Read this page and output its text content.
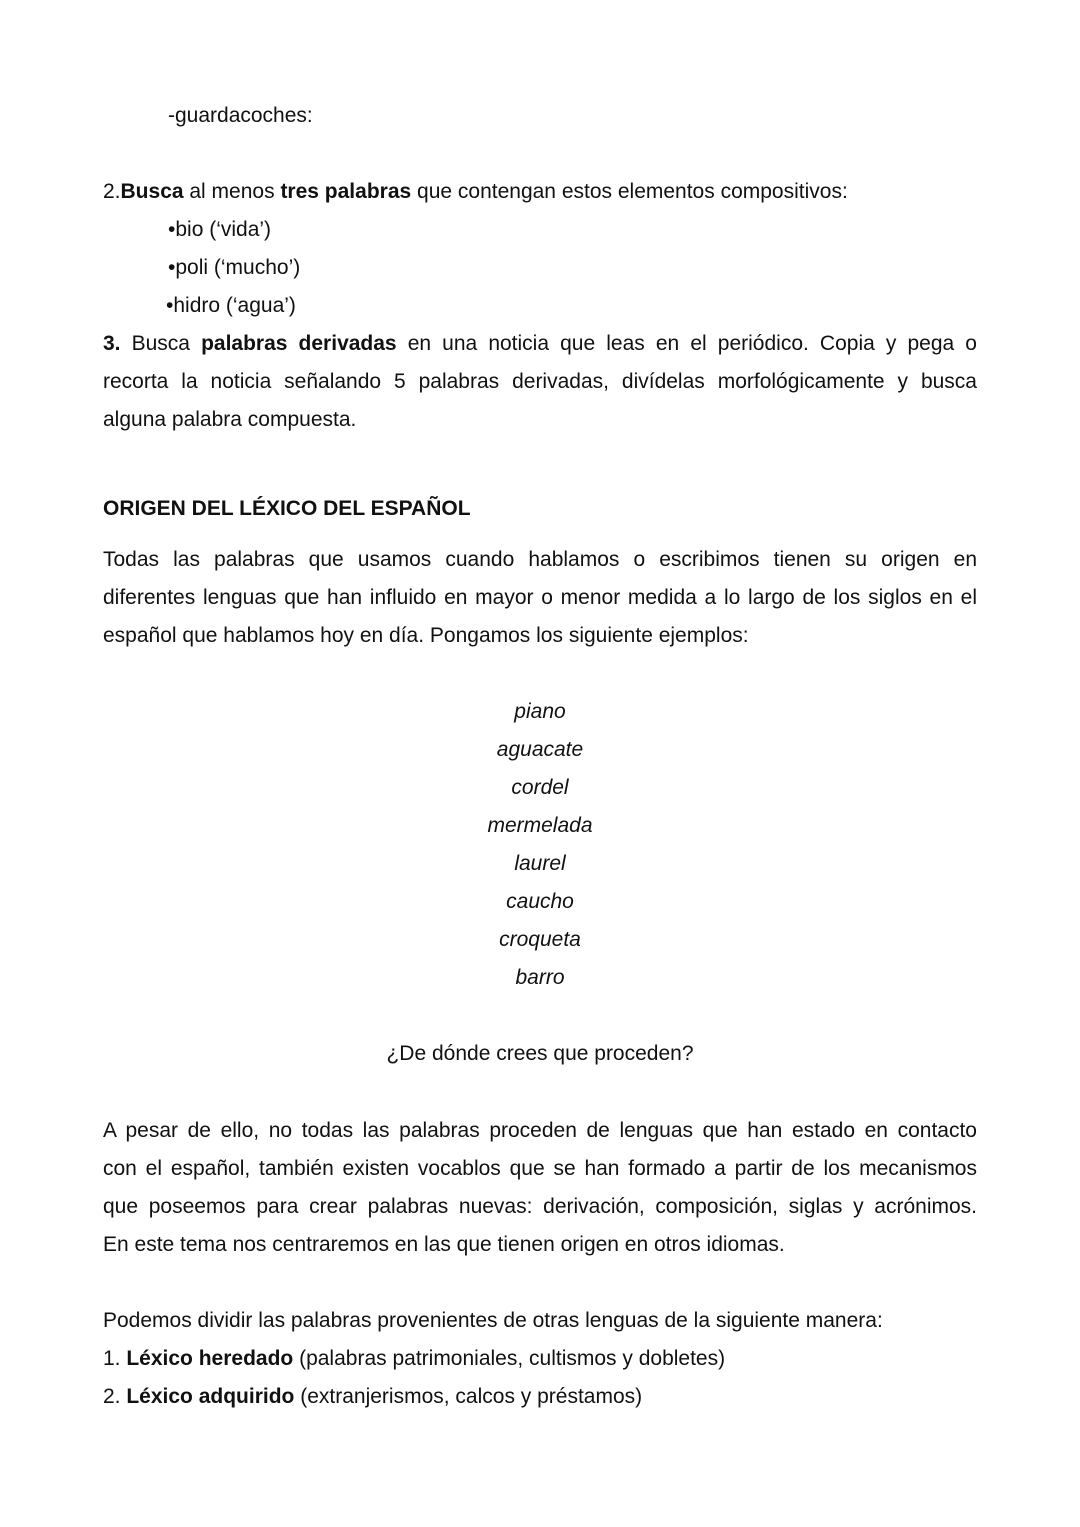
-guardacoches:
2.Busca al menos tres palabras que contengan estos elementos compositivos:
•bio (‘vida’)
•poli (‘mucho’)
•hidro (‘agua’)
3. Busca palabras derivadas en una noticia que leas en el periódico. Copia y pega o
recorta la noticia señalando 5 palabras derivadas, divídelas morfológicamente y busca
alguna palabra compuesta.
ORIGEN DEL LÉXICO DEL ESPAÑOL
Todas las palabras que usamos cuando hablamos o escribimos tienen su origen en
diferentes lenguas que han influido en mayor o menor medida a lo largo de los siglos en el
español que hablamos hoy en día. Pongamos los siguiente ejemplos:
piano
aguacate
cordel
mermelada
laurel
caucho
croqueta
barro
¿De dónde crees que proceden?
A pesar de ello, no todas las palabras proceden de lenguas que han estado en contacto
con el español, también existen vocablos que se han formado a partir de los mecanismos
que poseemos para crear palabras nuevas: derivación, composición, siglas y acrónimos.
En este tema nos centraremos en las que tienen origen en otros idiomas.
Podemos dividir las palabras provenientes de otras lenguas de la siguiente manera:
1. Léxico heredado (palabras patrimoniales, cultismos y dobletes)
2. Léxico adquirido (extranjerismos, calcos y préstamos)
